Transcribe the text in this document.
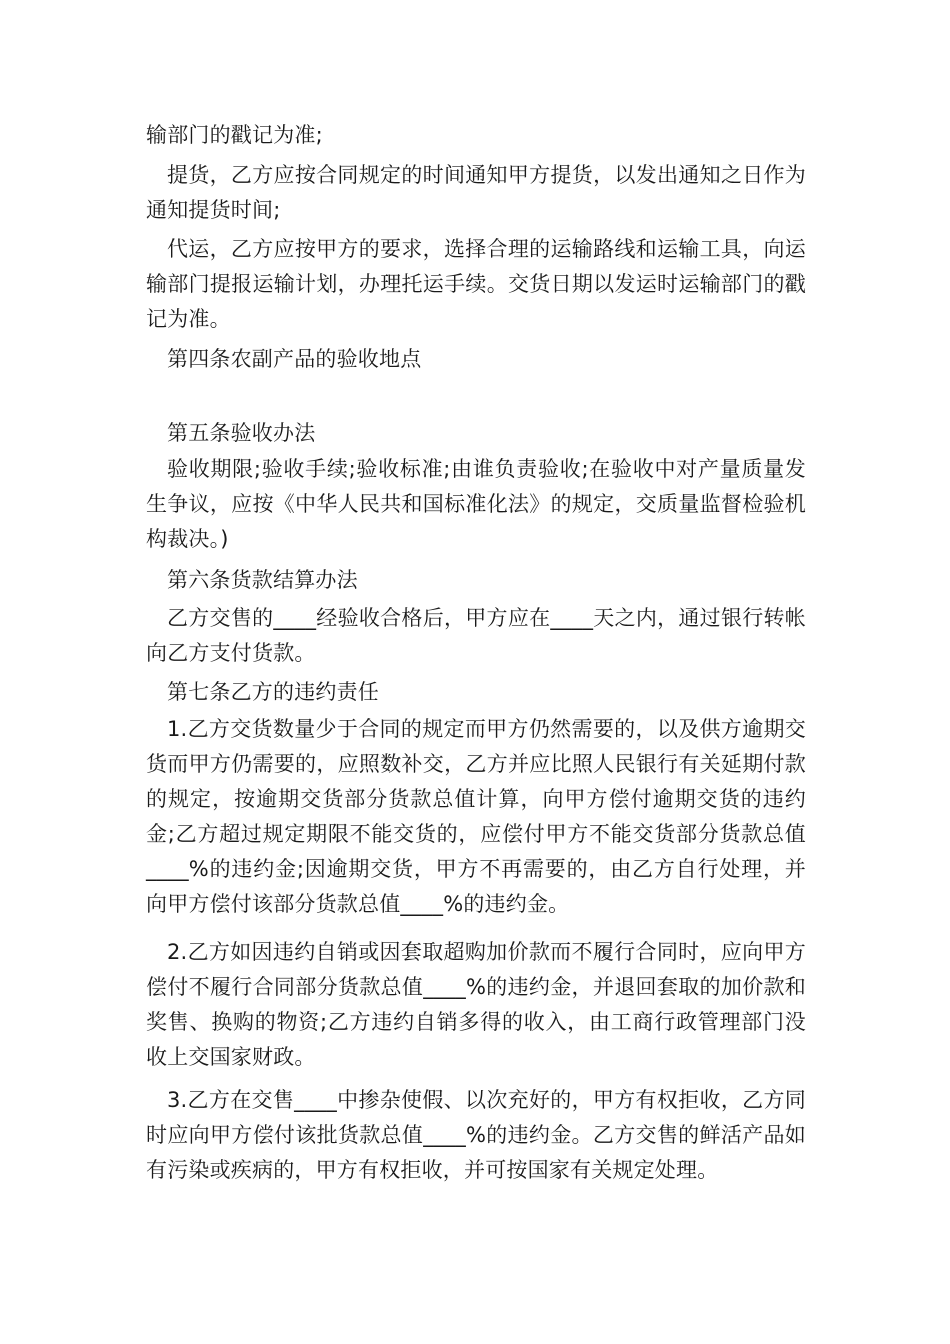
输部门的戳记为准;

提货，乙方应按合同规定的时间通知甲方提货，以发出通知之日作为通知提货时间;

代运，乙方应按甲方的要求，选择合理的运输路线和运输工具，向运输部门提报运输计划，办理托运手续。交货日期以发运时运输部门的戳记为准。

第四条农副产品的验收地点

第五条验收办法

验收期限;验收手续;验收标准;由谁负责验收;在验收中对产量质量发生争议，应按《中华人民共和国标准化法》的规定，交质量监督检验机构裁决。)

第六条货款结算办法

乙方交售的____经验收合格后，甲方应在____天之内，通过银行转帐向乙方支付货款。

第七条乙方的违约责任

1.乙方交货数量少于合同的规定而甲方仍然需要的，以及供方逾期交货而甲方仍需要的，应照数补交，乙方并应比照人民银行有关延期付款的规定，按逾期交货部分货款总值计算，向甲方偿付逾期交货的违约金;乙方超过规定期限不能交货的，应偿付甲方不能交货部分货款总值____%的违约金;因逾期交货，甲方不再需要的，由乙方自行处理，并向甲方偿付该部分货款总值____%的违约金。

2.乙方如因违约自销或因套取超购加价款而不履行合同时，应向甲方偿付不履行合同部分货款总值____%的违约金，并退回套取的加价款和奖售、换购的物资;乙方违约自销多得的收入，由工商行政管理部门没收上交国家财政。

3.乙方在交售____中掺杂使假、以次充好的，甲方有权拒收，乙方同时应向甲方偿付该批货款总值____%的违约金。乙方交售的鲜活产品如有污染或疾病的，甲方有权拒收，并可按国家有关规定处理。
